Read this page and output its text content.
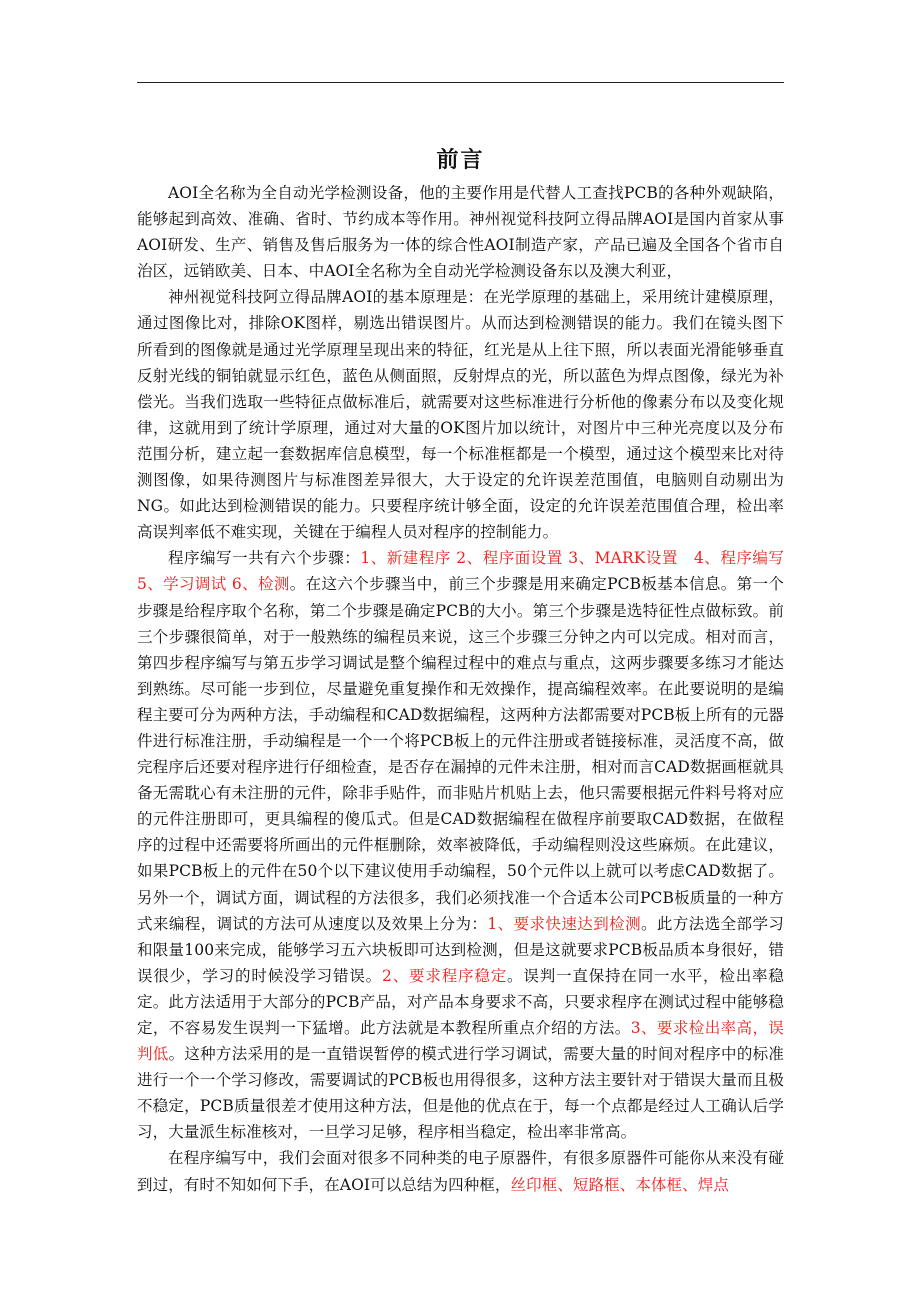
前言

AOI全名称为全自动光学检测设备，他的主要作用是代替人工查找PCB的各种外观缺陷，能够起到高效、准确、省时、节约成本等作用。神州视觉科技阿立得品牌AOI是国内首家从事AOI研发、生产、销售及售后服务为一体的综合性AOI制造产家，产品已遍及全国各个省市自治区，远销欧美、日本、中AOI全名称为全自动光学检测设备东以及澳大利亚，

神州视觉科技阿立得品牌AOI的基本原理是：在光学原理的基础上，采用统计建模原理，通过图像比对，排除OK图样，剔选出错误图片。从而达到检测错误的能力。我们在镜头图下所看到的图像就是通过光学原理呈现出来的特征，红光是从上往下照，所以表面光滑能够垂直反射光线的铜铂就显示红色，蓝色从侧面照，反射焊点的光，所以蓝色为焊点图像，绿光为补偿光。当我们选取一些特征点做标准后，就需要对这些标准进行分析他的像素分布以及变化规律，这就用到了统计学原理，通过对大量的OK图片加以统计，对图片中三种光亮度以及分布范围分析，建立起一套数据库信息模型，每一个标准框都是一个模型，通过这个模型来比对待测图像，如果待测图片与标准图差异很大，大于设定的允许误差范围值，电脑则自动剔出为NG。如此达到检测错误的能力。只要程序统计够全面，设定的允许误差范围值合理，检出率高误判率低不难实现，关键在于编程人员对程序的控制能力。

程序编写一共有六个步骤：1、新建程序 2、程序面设置 3、MARK设置　4、程序编写 5、学习调试 6、检测。在这六个步骤当中，前三个步骤是用来确定PCB板基本信息。第一个步骤是给程序取个名称，第二个步骤是确定PCB的大小。第三个步骤是选特征性点做标致。前三个步骤很简单，对于一般熟练的编程员来说，这三个步骤三分钟之内可以完成。相对而言，第四步程序编写与第五步学习调试是整个编程过程中的难点与重点，这两步骤要多练习才能达到熟练。尽可能一步到位，尽量避免重复操作和无效操作，提高编程效率。在此要说明的是编程主要可分为两种方法，手动编程和CAD数据编程，这两种方法都需要对PCB板上所有的元器件进行标准注册，手动编程是一个一个将PCB板上的元件注册或者链接标准，灵活度不高，做完程序后还要对程序进行仔细检查，是否存在漏掉的元件未注册，相对而言CAD数据画框就具备无需耽心有未注册的元件，除非手贴件，而非贴片机贴上去，他只需要根据元件料号将对应的元件注册即可，更具编程的傻瓜式。但是CAD数据编程在做程序前要取CAD数据，在做程序的过程中还需要将所画出的元件框删除，效率被降低，手动编程则没这些麻烦。在此建议，如果PCB板上的元件在50个以下建议使用手动编程，50个元件以上就可以考虑CAD数据了。另外一个，调试方面，调试程的方法很多，我们必须找准一个合适本公司PCB板质量的一种方式来编程，调试的方法可从速度以及效果上分为：1、要求快速达到检测。此方法选全部学习和限量100来完成，能够学习五六块板即可达到检测，但是这就要求PCB板品质本身很好，错误很少，学习的时候没学习错误。2、要求程序稳定。误判一直保持在同一水平，检出率稳定。此方法适用于大部分的PCB产品，对产品本身要求不高，只要求程序在测试过程中能够稳定，不容易发生误判一下猛增。此方法就是本教程所重点介绍的方法。3、要求检出率高，误判低。这种方法采用的是一直错误暂停的模式进行学习调试，需要大量的时间对程序中的标准进行一个一个学习修改，需要调试的PCB板也用得很多，这种方法主要针对于错误大量而且极不稳定，PCB质量很差才使用这种方法，但是他的优点在于，每一个点都是经过人工确认后学习，大量派生标准核对，一旦学习足够，程序相当稳定，检出率非常高。

在程序编写中，我们会面对很多不同种类的电子原器件，有很多原器件可能你从来没有碰到过，有时不知如何下手，在AOI可以总结为四种框，丝印框、短路框、本体框、焊点
